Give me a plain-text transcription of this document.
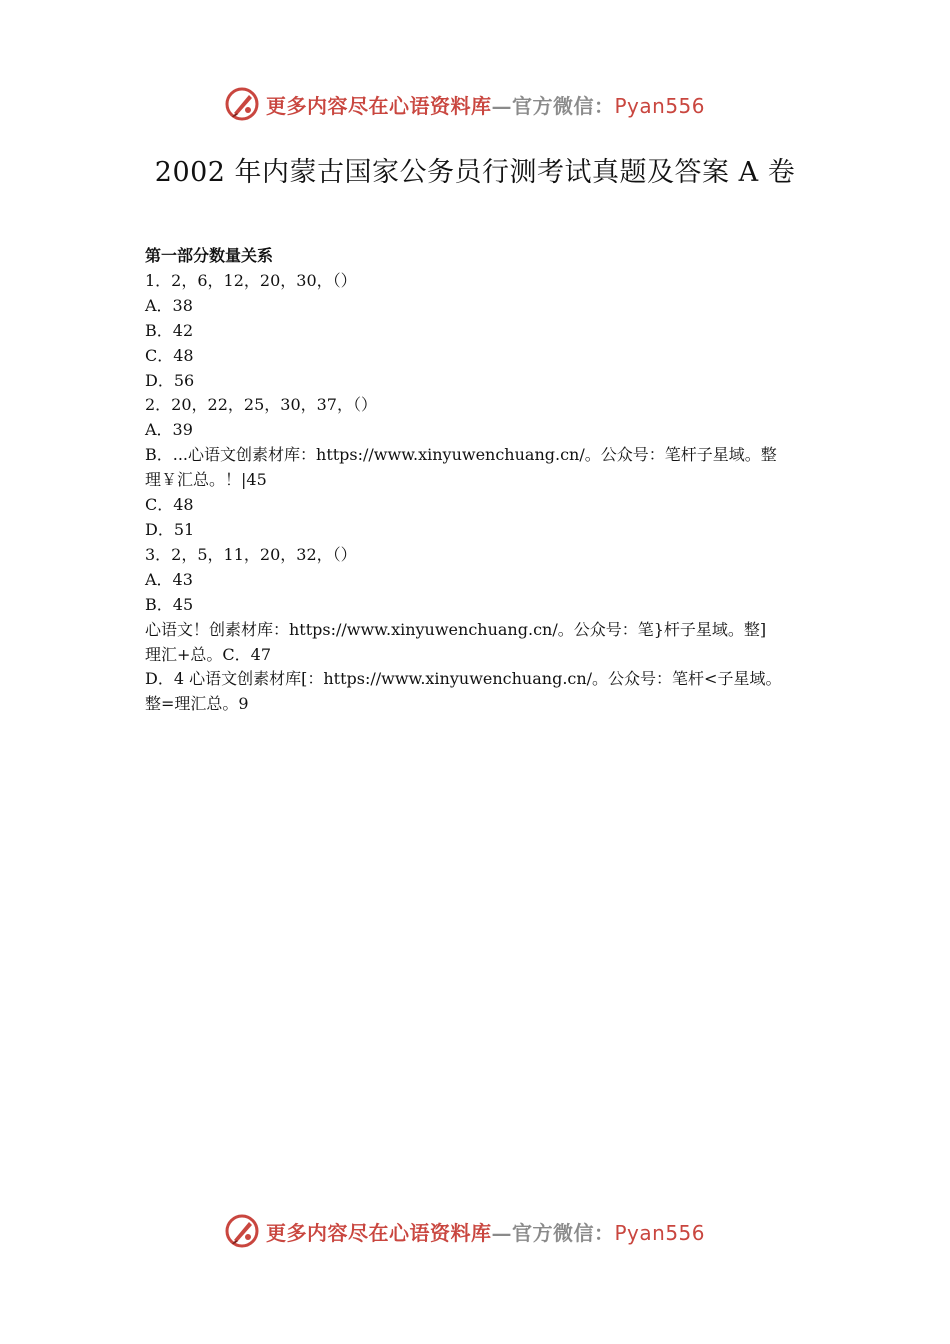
更多内容尽在心语资料库—官方微信：Pyan556
2002 年内蒙古国家公务员行测考试真题及答案 A 卷
第一部分数量关系
1．2，6，12，20，30，（）
A．38
B．42
C．48
D．56
2．20，22，25，30，37，（）
A．39
B．...心语文创素材库：https://www.xinyuwenchuang.cn/。公众号：笔杆子星域。整
理￥汇总。！|45
C．48
D．51
3．2，5，11，20，32，（）
A．43
B．45
心语文！创素材库：https://www.xinyuwenchuang.cn/。公众号：笔}杆子星域。整]
理汇+总。C．47
D．4 心语文创素材库[：https://www.xinyuwenchuang.cn/。公众号：笔杆<子星域。
整=理汇总。9
更多内容尽在心语资料库—官方微信：Pyan556
